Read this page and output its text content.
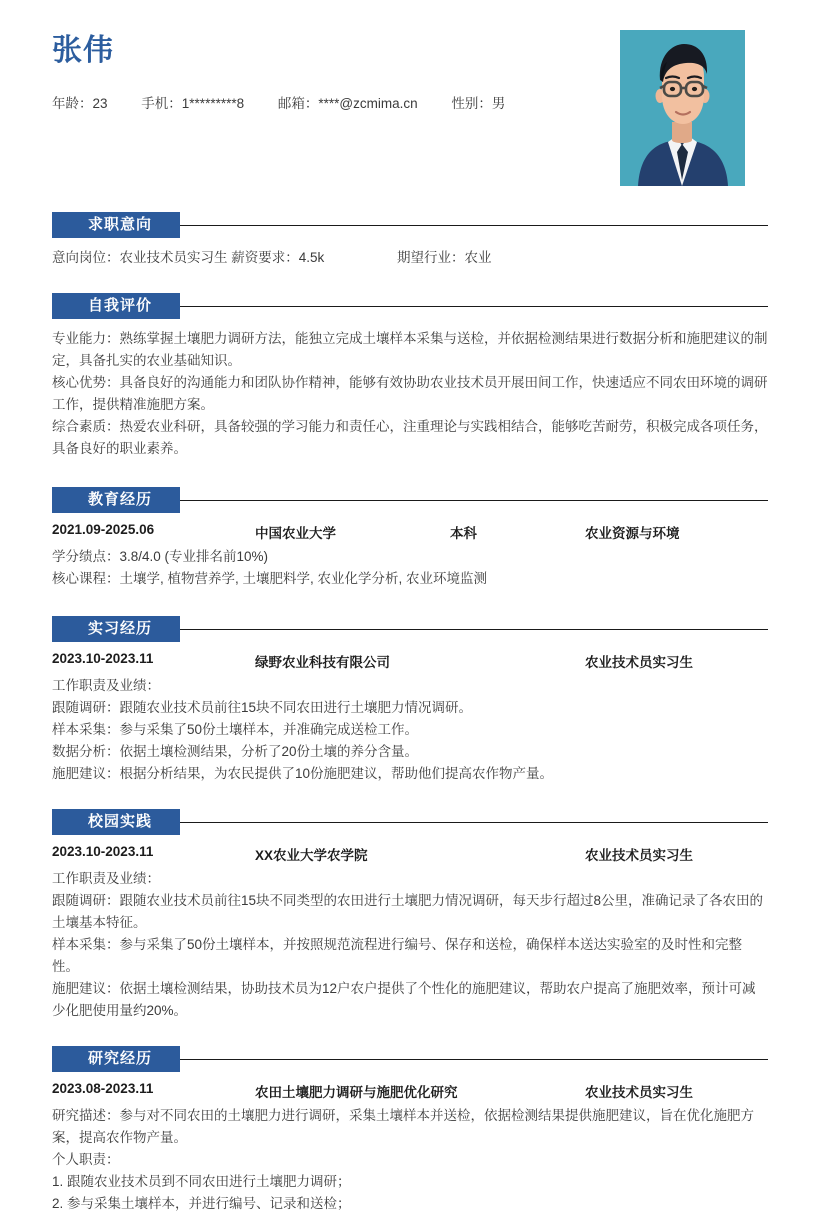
张伟
年龄：23	手机：1*********8	邮箱：****@zcmima.cn	性别：男
求职意向
意向岗位：农业技术员实习生 薪资要求：4.5k	期望行业：农业
自我评价

专业能力：熟练掌握土壤肥力调研方法，能独立完成土壤样本采集与送检，并依据检测结果进行数据分析和施肥建议的制定，具备扎实的农业基础知识。

核心优势：具备良好的沟通能力和团队协作精神，能够有效协助农业技术员开展田间工作，快速适应不同农田环境的调研工作，提供精准施肥方案。

综合素质：热爱农业科研，具备较强的学习能力和责任心，注重理论与实践相结合，能够吃苦耐劳，积极完成各项任务，具备良好的职业素养。

教育经历
2021.09-2025.06	中国农业大学	本科	农业资源与环境

学分绩点：3.8/4.0 (专业排名前10%)

核心课程：土壤学, 植物营养学, 土壤肥料学, 农业化学分析, 农业环境监测

实习经历
2023.10-2023.11	绿野农业科技有限公司	农业技术员实习生

工作职责及业绩：

跟随调研：跟随农业技术员前往15块不同农田进行土壤肥力情况调研。

样本采集：参与采集了50份土壤样本，并准确完成送检工作。

数据分析：依据土壤检测结果，分析了20份土壤的养分含量。

施肥建议：根据分析结果，为农民提供了10份施肥建议，帮助他们提高农作物产量。

校园实践
2023.10-2023.11	XX农业大学农学院	农业技术员实习生

工作职责及业绩：

跟随调研：跟随农业技术员前往15块不同类型的农田进行土壤肥力情况调研，每天步行超过8公里，准确记录了各农田的土壤基本特征。

样本采集：参与采集了50份土壤样本，并按照规范流程进行编号、保存和送检，确保样本送达实验室的及时性和完整性。

施肥建议：依据土壤检测结果，协助技术员为12户农户提供了个性化的施肥建议，帮助农户提高了施肥效率，预计可减少化肥使用量约20%。

研究经历
2023.08-2023.11	农田土壤肥力调研与施肥优化研究	农业技术员实习生

研究描述：参与对不同农田的土壤肥力进行调研，采集土壤样本并送检，依据检测结果提供施肥建议，旨在优化施肥方案，提高农作物产量。

个人职责：

1. 跟随农业技术员到不同农田进行土壤肥力调研；

2. 参与采集土壤样本，并进行编号、记录和送检；
